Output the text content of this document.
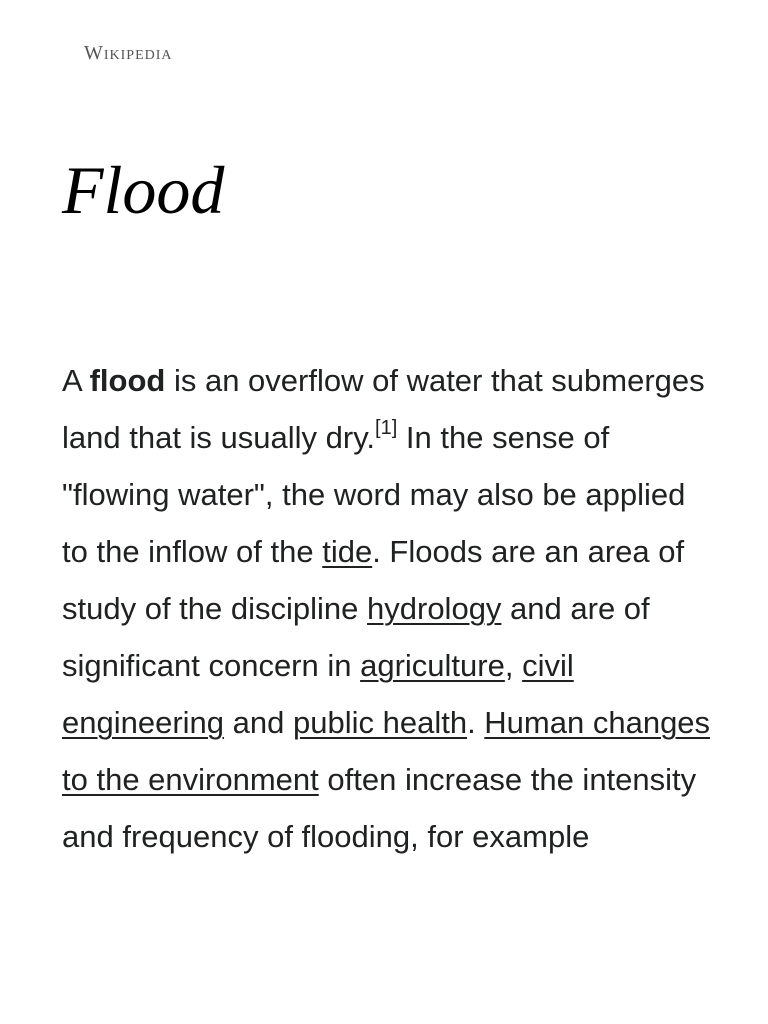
Wikipedia
Flood

A flood is an overflow of water that submerges land that is usually dry.[1] In the sense of "flowing water", the word may also be applied to the inflow of the tide. Floods are an area of study of the discipline hydrology and are of significant concern in agriculture, civil engineering and public health. Human changes to the environment often increase the intensity and frequency of flooding, for example
